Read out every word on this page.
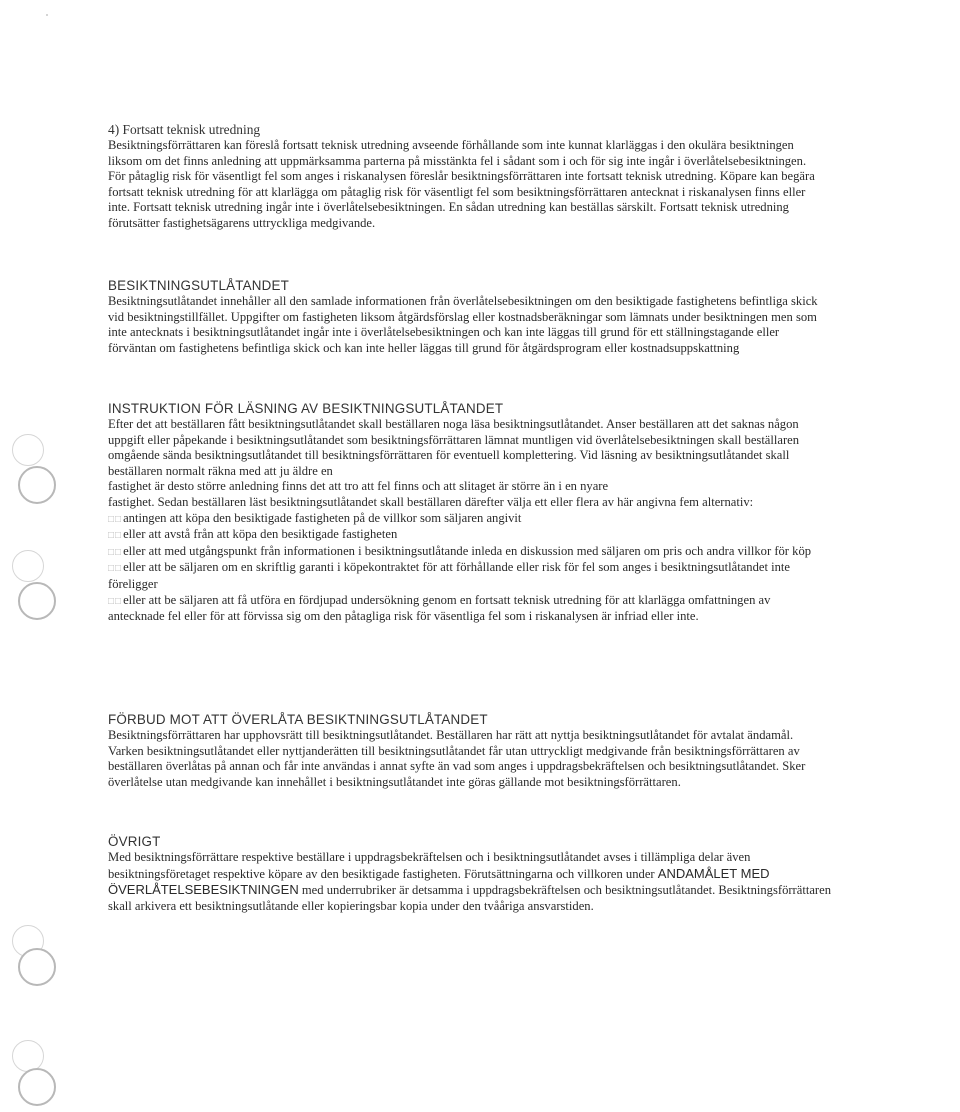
4) Fortsatt teknisk utredning
Besiktningsförrättaren kan föreslå fortsatt teknisk utredning avseende förhållande som inte kunnat klarläggas i den okulära besiktningen
liksom om det finns anledning att uppmärksamma parterna på misstänkta fel i sådant som i och för sig inte ingår i överlåtelsebesiktningen.
För påtaglig risk för väsentligt fel som anges i riskanalysen föreslår besiktningsförrättaren inte fortsatt teknisk utredning. Köpare kan begära
fortsatt teknisk utredning för att klarlägga om påtaglig risk för väsentligt fel som besiktningsförrättaren antecknat i riskanalysen finns eller
inte. Fortsatt teknisk utredning ingår inte i överlåtelsebesiktningen. En sådan utredning kan beställas särskilt. Fortsatt teknisk utredning
förutsätter fastighetsägarens uttryckliga medgivande.
BESIKTNINGSUTLÅTANDET
Besiktningsutlåtandet innehåller all den samlade informationen från överlåtelsebesiktningen om den besiktigade fastighetens befintliga skick
vid besiktningstillfället. Uppgifter om fastigheten liksom åtgärdsförslag eller kostnadsberäkningar som lämnats under besiktningen men som
inte antecknats i besiktningsutlåtandet ingår inte i överlåtelsebesiktningen och kan inte läggas till grund för ett ställningstagande eller
förväntan om fastighetens befintliga skick och kan inte heller läggas till grund för åtgärdsprogram eller kostnadsuppskattning
INSTRUKTION FÖR LÄSNING AV BESIKTNINGSUTLÅTANDET
Efter det att beställaren fått besiktningsutlåtandet skall beställaren noga läsa besiktningsutlåtandet. Anser beställaren att det saknas någon
uppgift eller påpekande i besiktningsutlåtandet som besiktningsförrättaren lämnat muntligen vid överlåtelsebesiktningen skall beställaren
omgående sända besiktningsutlåtandet till besiktningsförrättaren för eventuell komplettering. Vid läsning av besiktningsutlåtandet skall
beställaren normalt räkna med att ju äldre en
fastighet är desto större anledning finns det att tro att fel finns och att slitaget är större än i en nyare
fastighet. Sedan beställaren läst besiktningsutlåtandet skall beställaren därefter välja ett eller flera av här angivna fem alternativ:
□□antingen att köpa den besiktigade fastigheten på de villkor som säljaren angivit
□□eller att avstå från att köpa den besiktigade fastigheten
□□eller att med utgångspunkt från informationen i besiktningsutlåtande inleda en diskussion med säljaren om pris och andra villkor för köp
□□eller att be säljaren om en skriftlig garanti i köpekontraktet för att förhållande eller risk för fel som anges i besiktningsutlåtandet inte
föreligger
□□eller att be säljaren att få utföra en fördjupad undersökning genom en fortsatt teknisk utredning för att klarlägga omfattningen av
antecknade fel eller för att förvissa sig om den påtagliga risk för väsentliga fel som i riskanalysen är infriad eller inte.
FÖRBUD MOT ATT ÖVERLÅTA BESIKTNINGSUTLÅTANDET
Besiktningsförrättaren har upphovsrätt till besiktningsutlåtandet. Beställaren har rätt att nyttja besiktningsutlåtandet för avtalat ändamål.
Varken besiktningsutlåtandet eller nyttjanderätten till besiktningsutlåtandet får utan uttryckligt medgivande från besiktningsförrättaren av
beställaren överlåtas på annan och får inte användas i annat syfte än vad som anges i uppdragsbekräftelsen och besiktningsutlåtandet. Sker
överlåtelse utan medgivande kan innehållet i besiktningsutlåtandet inte göras gällande mot besiktningsförrättaren.
ÖVRIGT
Med besiktningsförrättare respektive beställare i uppdragsbekräftelsen och i besiktningsutlåtandet avses i tillämpliga delar även
besiktningsföretaget respektive köpare av den besiktigade fastigheten. Förutsättningarna och villkoren under ANDAMÅLET MED
ÖVERLÅTELSEBESIKTNINGEN med underrubriker är detsamma i uppdragsbekräftelsen och besiktningsutlåtandet. Besiktningsförrättaren
skall arkivera ett besiktningsutlåtande eller kopieringsbar kopia under den tvååriga ansvarstiden.
